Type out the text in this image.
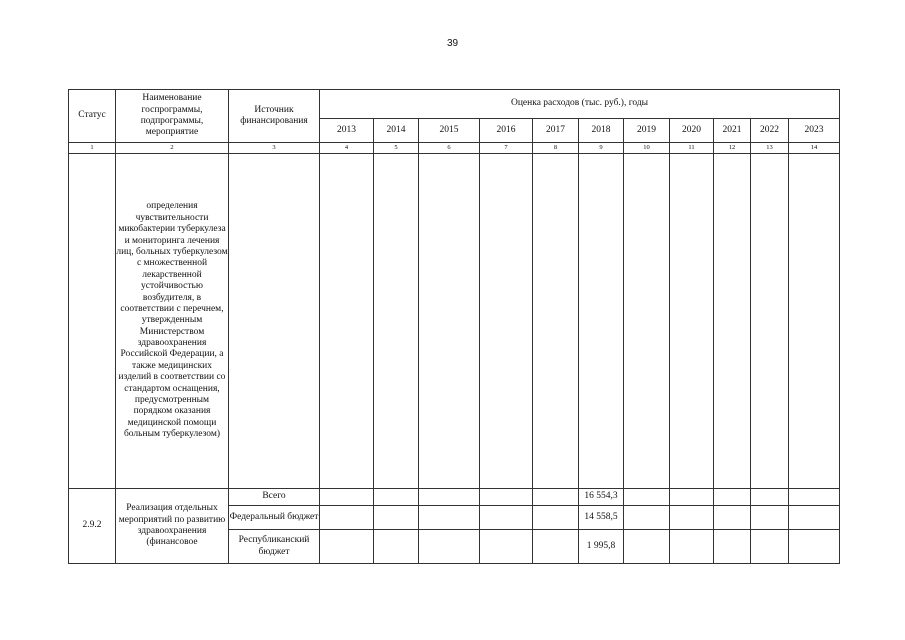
39
Статус	Наименование госпрограммы, подпрограммы, мероприятие	Источник финансирования	Оценка расходов (тыс. руб.), годы										
			2013	2014	2015	2016	2017	2018	2019	2020	2021	2022	2023
1	2	3	4	5	6	7	8	9	10	11	12	13	14
	определения чувствительности микобактерии туберкулеза и мониторинга лечения лиц, больных туберкулезом с множественной лекарственной устойчивостью возбудителя, в соответствии с перечнем, утвержденным Министерством здравоохранения Российской Федерации, а также медицинских изделий в соответствии со стандартом оснащения, предусмотренным порядком оказания медицинской помощи больным туберкулезом)												
2.9.2	Реализация отдельных мероприятий по развитию здравоохранения (финансовое	Всего						16 554,3					
		Федеральный бюджет						14 558,5					
		Республиканский бюджет						1 995,8					
